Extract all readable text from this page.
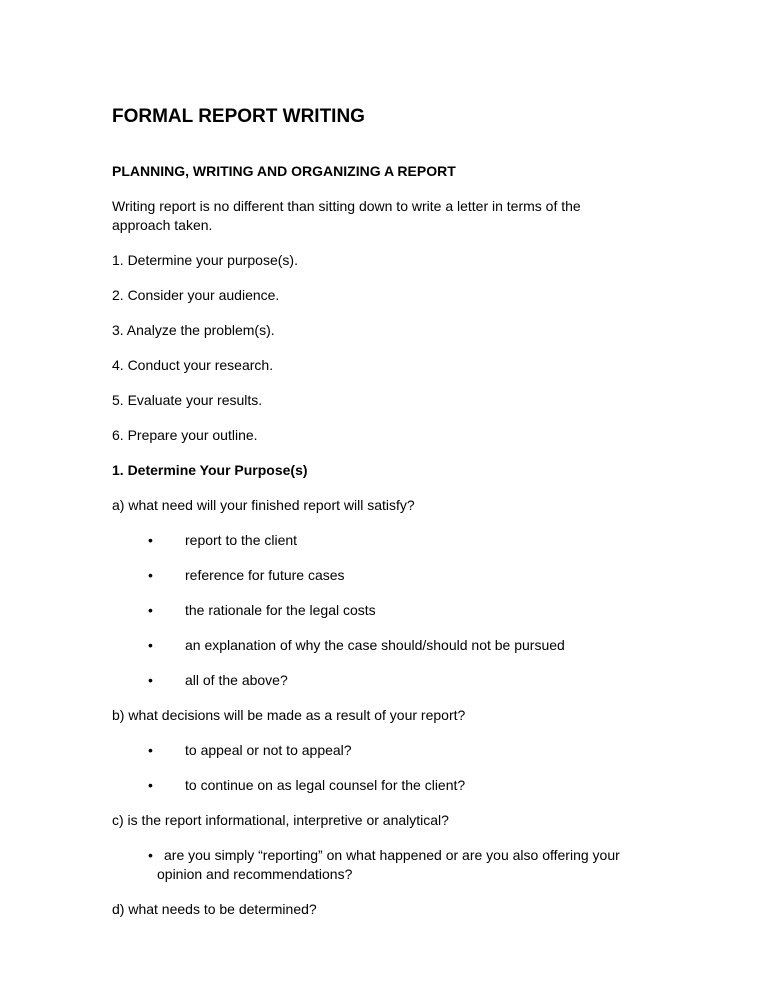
FORMAL REPORT WRITING
PLANNING, WRITING AND ORGANIZING A REPORT
Writing report is no different than sitting down to write a letter in terms of the
approach taken.
1. Determine your purpose(s).
2. Consider your audience.
3. Analyze the problem(s).
4. Conduct your research.
5. Evaluate your results.
6. Prepare your outline.
1. Determine Your Purpose(s)
a) what need will your finished report will satisfy?
• report to the client
• reference for future cases
• the rationale for the legal costs
• an explanation of why the case should/should not be pursued
• all of the above?
b) what decisions will be made as a result of your report?
• to appeal or not to appeal?
• to continue on as legal counsel for the client?
c) is the report informational, interpretive or analytical?
• are you simply “reporting” on what happened or are you also offering your
opinion and recommendations?
d) what needs to be determined?
